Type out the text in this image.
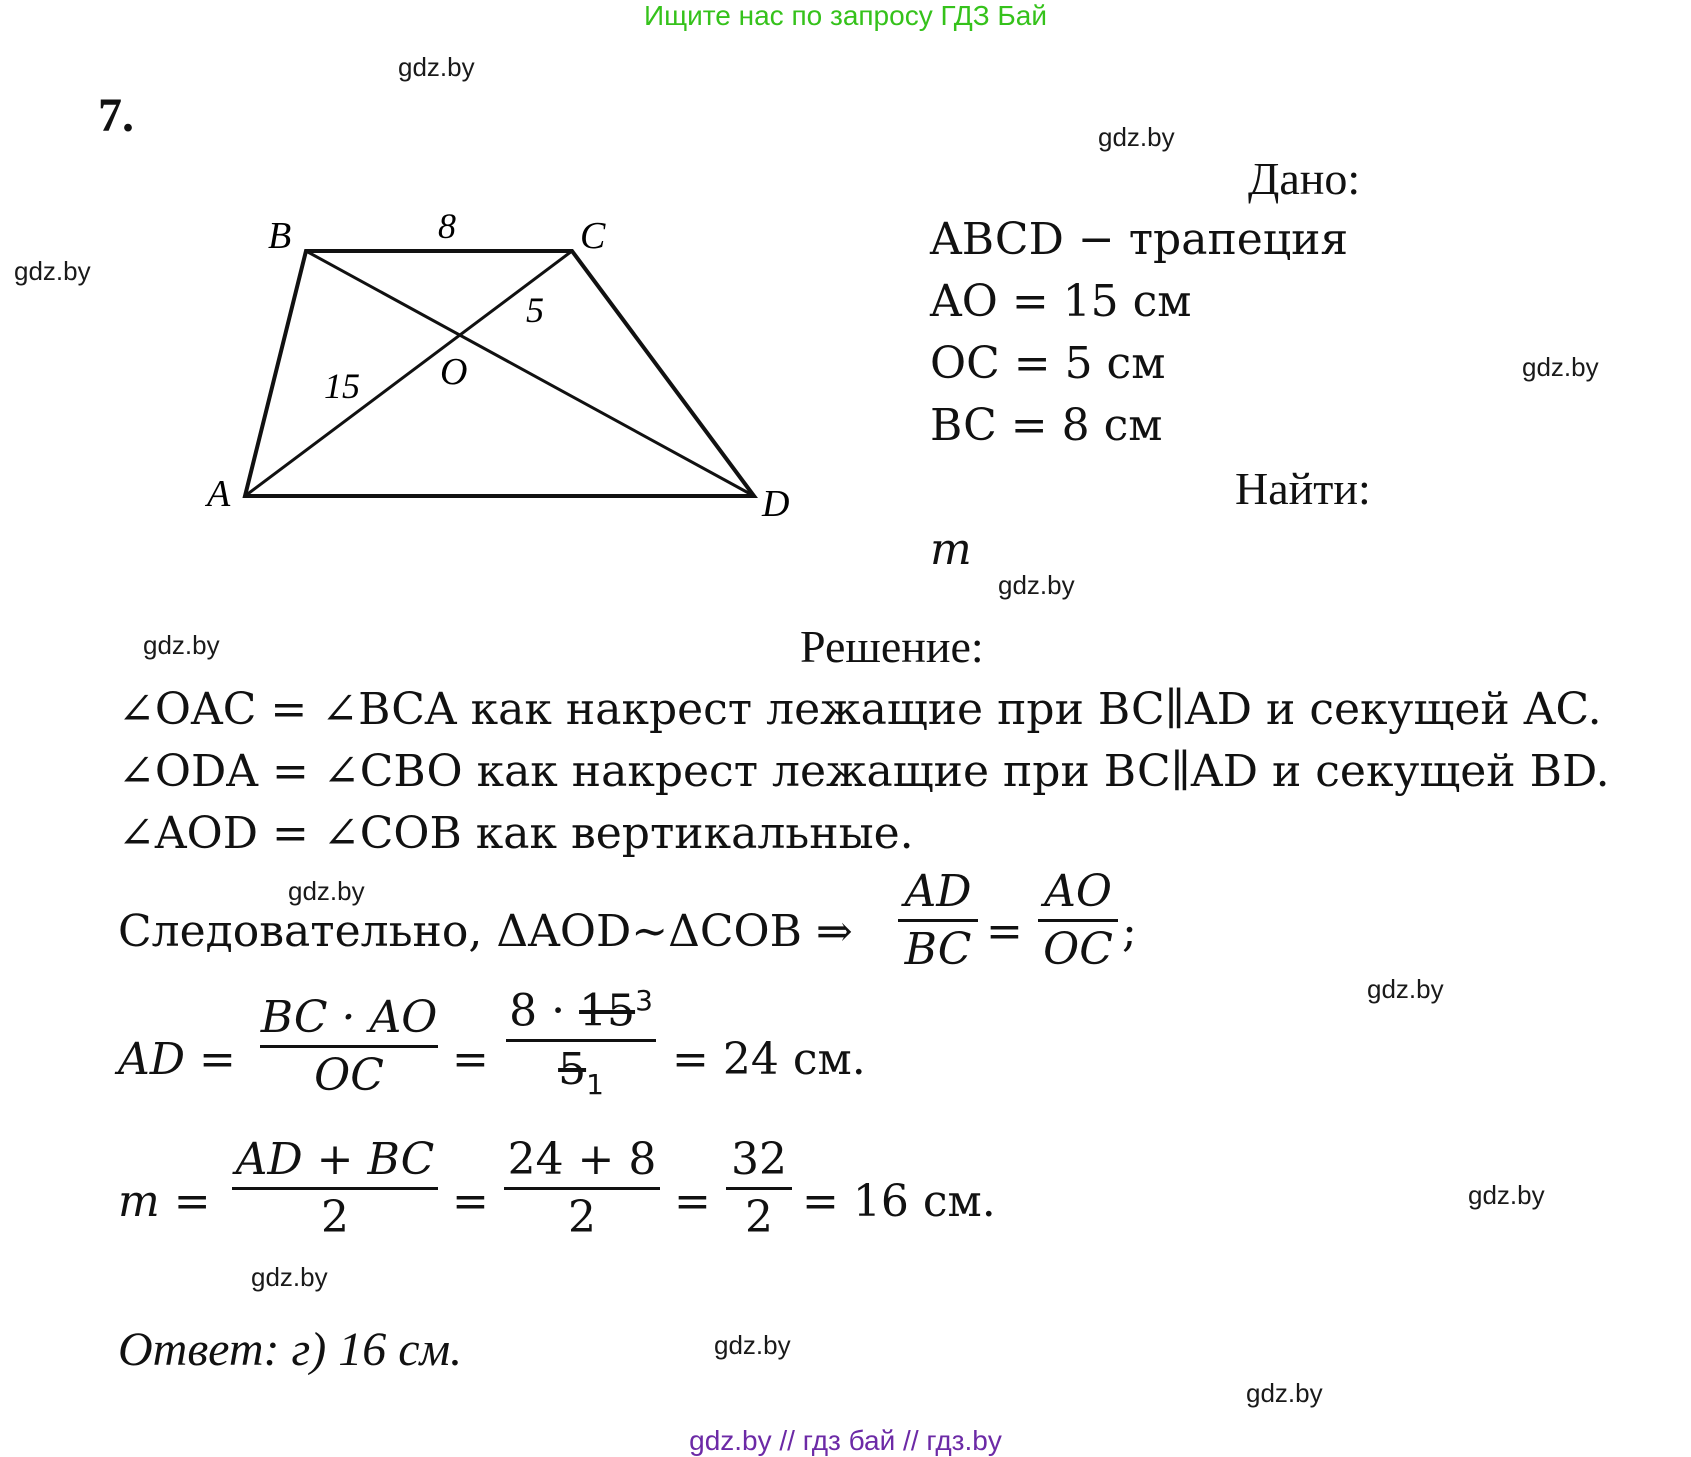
Ищите нас по запросу ГДЗ Бай
gdz.by
gdz.by
gdz.by
gdz.by
gdz.by
gdz.by
gdz.by
gdz.by
gdz.by
gdz.by
gdz.by
gdz.by
7.
B	C
A	D
O
8
5
15
Дано:
ABCD − трапеция
AO = 15 см
OC = 5 см
BC = 8 см
Найти:
m
Решение:
∠OAC = ∠BCA как накрест лежащие при BC∥AD и секущей AC.
∠ODA = ∠CBO как накрест лежащие при BC∥AD и секущей BD.
∠AOD = ∠COB как вертикальные.
Следовательно, ΔAOD~ΔCOB ⇒
AD
BC =
AO
OC ;
AD =
BC · AO
OC	=
$8 \cdot 15^3$
$5_1$	= 24 см.
m =
AD + BC
2	=
24 + 8
2	=
32
2 = 16 см.
Ответ: г) 16 см.
gdz.by // гдз бай // гдз.by
